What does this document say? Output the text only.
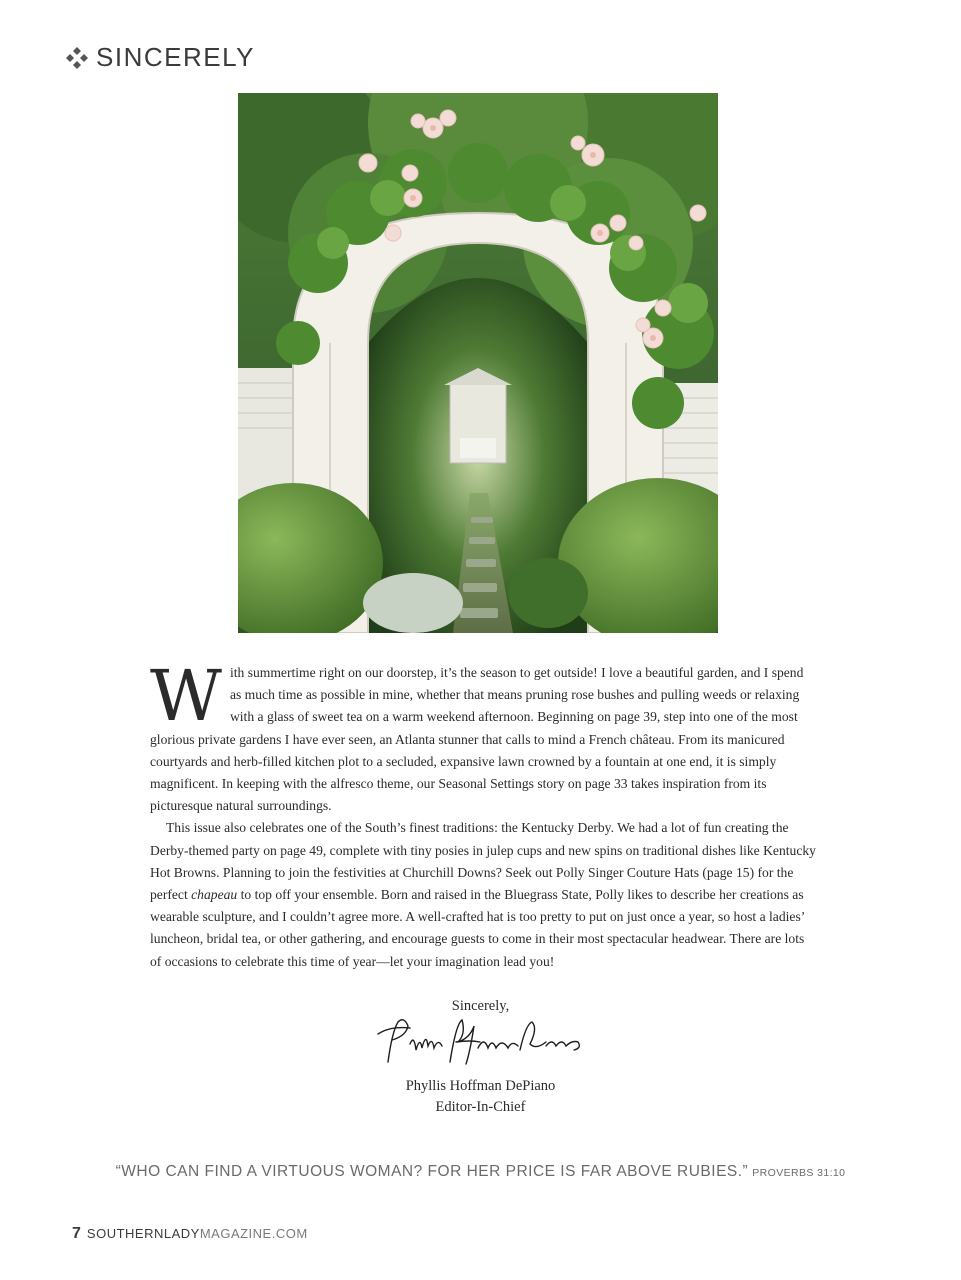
SINCERELY

With summertime right on our doorstep, it’s the season to get outside! I love a beautiful garden, and I spend as much time as possible in mine, whether that means pruning rose bushes and pulling weeds or relaxing with a glass of sweet tea on a warm weekend afternoon. Beginning on page 39, step into one of the most glorious private gardens I have ever seen, an Atlanta stunner that calls to mind a French château. From its manicured courtyards and herb-filled kitchen plot to a secluded, expansive lawn crowned by a fountain at one end, it is simply magnificent. In keeping with the alfresco theme, our Seasonal Settings story on page 33 takes inspiration from its picturesque natural surroundings.

This issue also celebrates one of the South’s finest traditions: the Kentucky Derby. We had a lot of fun creating the Derby-themed party on page 49, complete with tiny posies in julep cups and new spins on traditional dishes like Kentucky Hot Browns. Planning to join the festivities at Churchill Downs? Seek out Polly Singer Couture Hats (page 15) for the perfect chapeau to top off your ensemble. Born and raised in the Bluegrass State, Polly likes to describe her creations as wearable sculpture, and I couldn’t agree more. A well-crafted hat is too pretty to put on just once a year, so host a ladies’ luncheon, bridal tea, or other gathering, and encourage guests to come in their most spectacular headwear. There are lots of occasions to celebrate this time of year—let your imagination lead you!

Sincerely,
Phyllis Hoffman DePiano
Editor-In-Chief
“WHO CAN FIND A VIRTUOUS WOMAN? FOR HER PRICE IS FAR ABOVE RUBIES.” PROVERBS 31:10
7 SOUTHERNLADYMAGAZINE.COM
